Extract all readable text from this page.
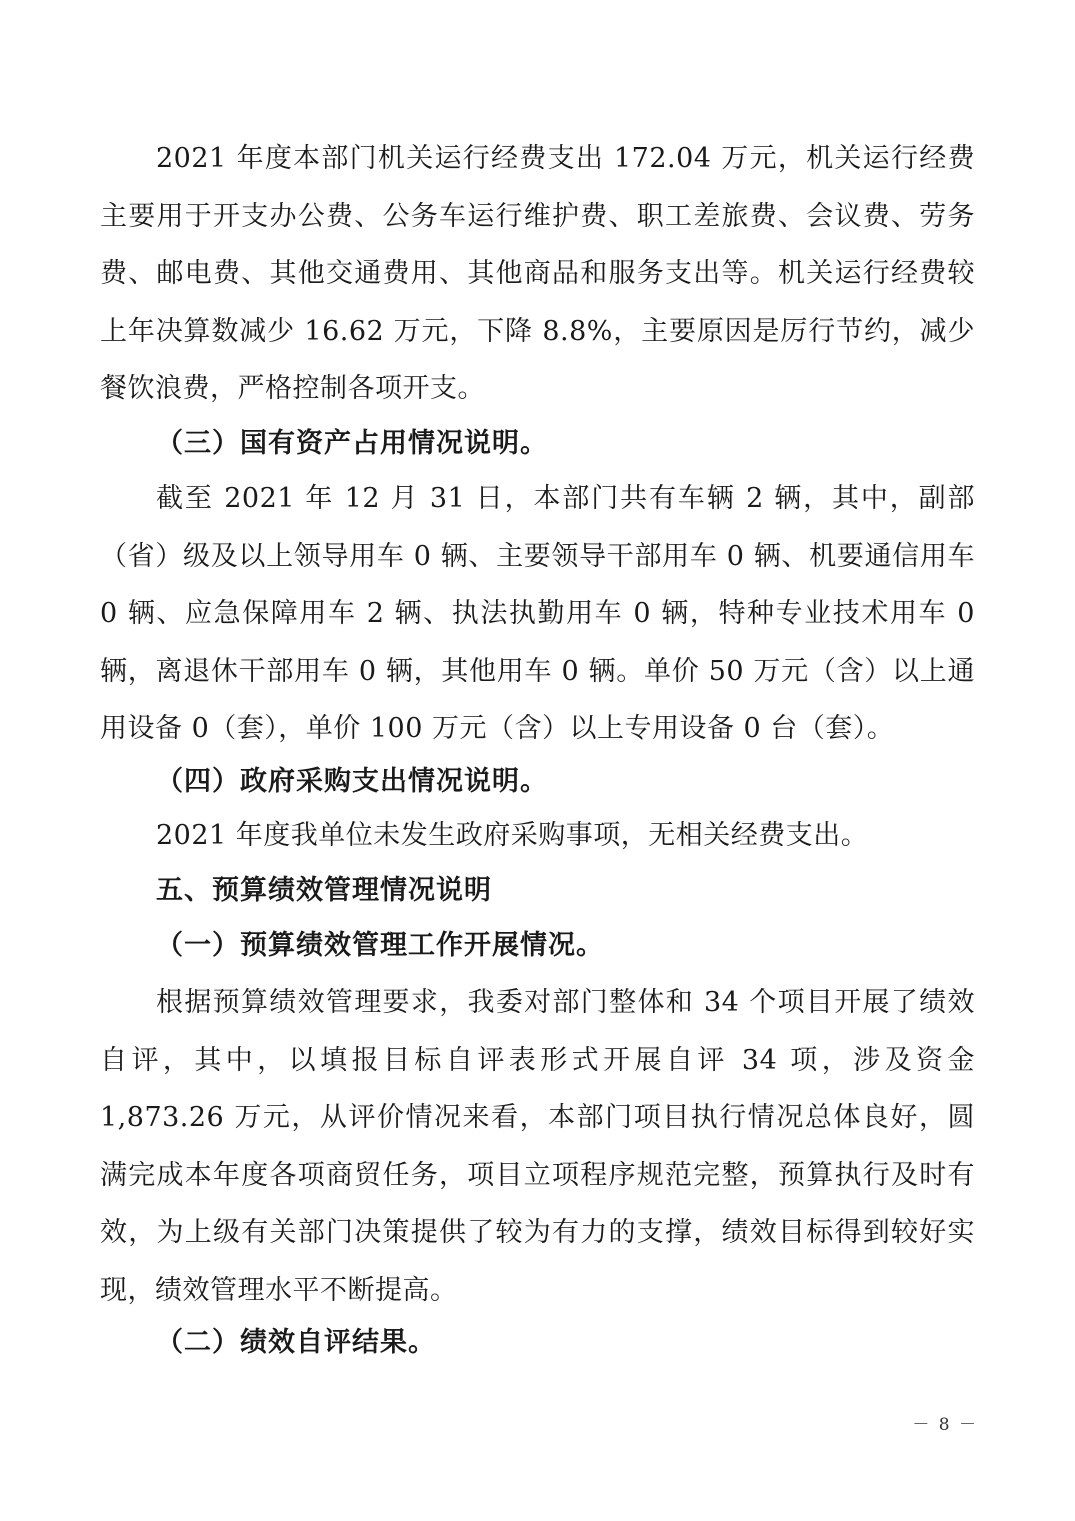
2021 年度本部门机关运行经费支出 172.04 万元，机关运行经费主要用于开支办公费、公务车运行维护费、职工差旅费、会议费、劳务费、邮电费、其他交通费用、其他商品和服务支出等。机关运行经费较上年决算数减少 16.62 万元，下降 8.8%，主要原因是厉行节约，减少餐饮浪费，严格控制各项开支。

（三）国有资产占用情况说明。

截至 2021 年 12 月 31 日，本部门共有车辆 2 辆，其中，副部（省）级及以上领导用车 0 辆、主要领导干部用车 0 辆、机要通信用车 0 辆、应急保障用车 2 辆、执法执勤用车 0 辆，特种专业技术用车 0 辆，离退休干部用车 0 辆，其他用车 0 辆。单价 50 万元（含）以上通用设备 0（套），单价 100 万元（含）以上专用设备 0 台（套）。

（四）政府采购支出情况说明。

2021 年度我单位未发生政府采购事项，无相关经费支出。

五、预算绩效管理情况说明

（一）预算绩效管理工作开展情况。

根据预算绩效管理要求，我委对部门整体和 34 个项目开展了绩效自评，其中，以填报目标自评表形式开展自评 34 项，涉及资金 1,873.26 万元，从评价情况来看，本部门项目执行情况总体良好，圆满完成本年度各项商贸任务，项目立项程序规范完整，预算执行及时有效，为上级有关部门决策提供了较为有力的支撑，绩效目标得到较好实现，绩效管理水平不断提高。

（二）绩效自评结果。

－ 8 －
